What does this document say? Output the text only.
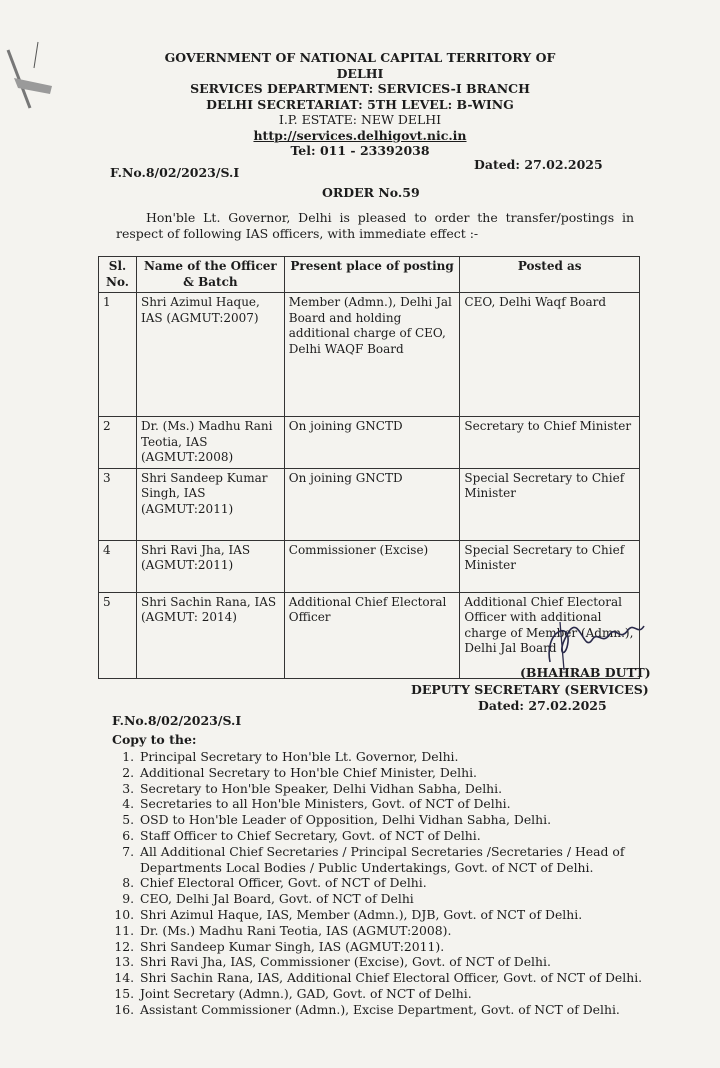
GOVERNMENT OF NATIONAL CAPITAL TERRITORY OF DELHI
SERVICES DEPARTMENT: SERVICES-I BRANCH
DELHI SECRETARIAT: 5TH LEVEL: B-WING
I.P. ESTATE: NEW DELHI
http://services.delhigovt.nic.in
Tel: 011 - 23392038
F.No.8/02/2023/S.I
Dated: 27.02.2025
ORDER No.59
Hon'ble Lt. Governor, Delhi is pleased to order the transfer/postings in respect of following IAS officers, with immediate effect :-
Sl. No.	Name of the Officer & Batch	Present place of posting	Posted as
1	Shri Azimul Haque, IAS (AGMUT:2007)	Member (Admn.), Delhi Jal Board and holding additional charge of CEO, Delhi WAQF Board	CEO, Delhi Waqf Board
2	Dr. (Ms.) Madhu Rani Teotia, IAS (AGMUT:2008)	On joining GNCTD	Secretary to Chief Minister
3	Shri Sandeep Kumar Singh, IAS (AGMUT:2011)	On joining GNCTD	Special Secretary to Chief Minister
4	Shri Ravi Jha, IAS (AGMUT:2011)	Commissioner (Excise)	Special Secretary to Chief Minister
5	Shri Sachin Rana, IAS (AGMUT: 2014)	Additional Chief Electoral Officer	Additional Chief Electoral Officer with additional charge of Member (Admn.), Delhi Jal Board
(BHAHRAB DUTT)
DEPUTY SECRETARY (SERVICES)
Dated: 27.02.2025
F.No.8/02/2023/S.I
Copy to the:
1. Principal Secretary to Hon'ble Lt. Governor, Delhi.
2. Additional Secretary to Hon'ble Chief Minister, Delhi.
3. Secretary to Hon'ble Speaker, Delhi Vidhan Sabha, Delhi.
4. Secretaries to all Hon'ble Ministers, Govt. of NCT of Delhi.
5. OSD to Hon'ble Leader of Opposition, Delhi Vidhan Sabha, Delhi.
6. Staff Officer to Chief Secretary, Govt. of NCT of Delhi.
7. All Additional Chief Secretaries / Principal Secretaries /Secretaries / Head of Departments Local Bodies / Public Undertakings, Govt. of NCT of Delhi.
8. Chief Electoral Officer, Govt. of NCT of Delhi.
9. CEO, Delhi Jal Board, Govt. of NCT of Delhi
10. Shri Azimul Haque, IAS, Member (Admn.), DJB, Govt. of NCT of Delhi.
11. Dr. (Ms.) Madhu Rani Teotia, IAS (AGMUT:2008).
12. Shri Sandeep Kumar Singh, IAS (AGMUT:2011).
13. Shri Ravi Jha, IAS, Commissioner (Excise), Govt. of NCT of Delhi.
14. Shri Sachin Rana, IAS, Additional Chief Electoral Officer, Govt. of NCT of Delhi.
15. Joint Secretary (Admn.), GAD, Govt. of NCT of Delhi.
16. Assistant Commissioner (Admn.), Excise Department, Govt. of NCT of Delhi.
